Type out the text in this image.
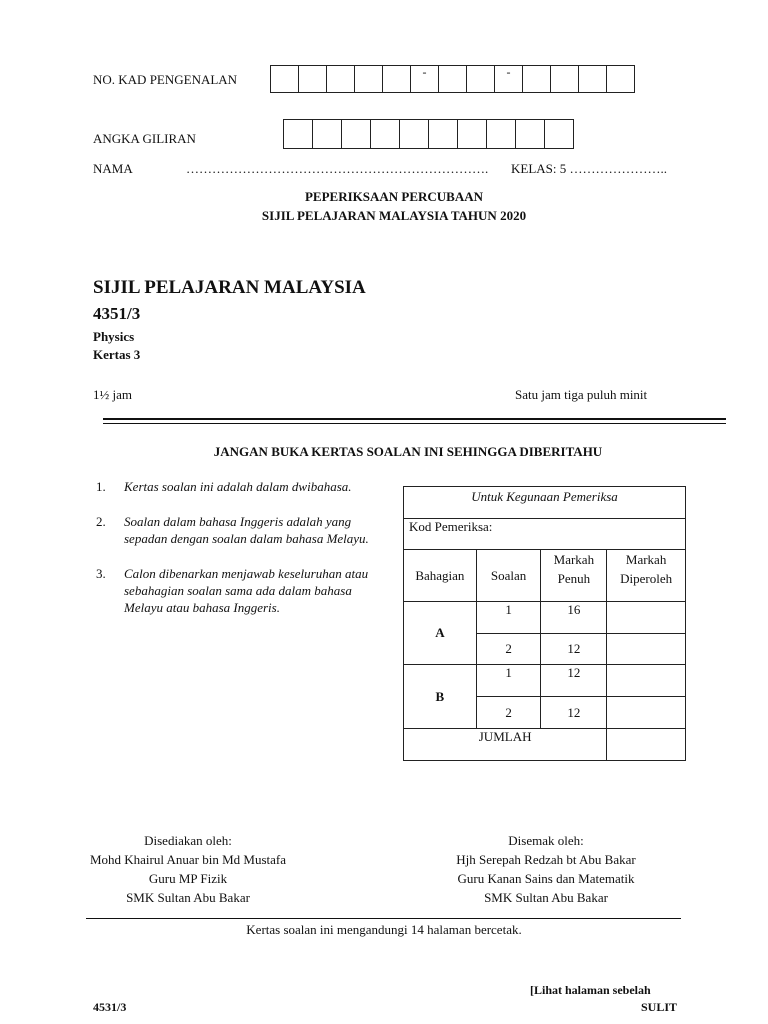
NO. KAD PENGENALAN	-	-
ANGKA GILIRAN
NAMA	……………………………………………………………. KELAS: 5 …………………..
PEPERIKSAAN PERCUBAAN
SIJIL PELAJARAN MALAYSIA TAHUN 2020
SIJIL PELAJARAN MALAYSIA
4351/3
Physics
Kertas 3
1½ jam	Satu jam tiga puluh minit
JANGAN BUKA KERTAS SOALAN INI SEHINGGA DIBERITAHU
1.	Kertas soalan ini adalah dalam dwibahasa.
2.	Soalan dalam bahasa Inggeris adalah yang sepadan dengan soalan dalam bahasa Melayu.
3.	Calon dibenarkan menjawab keseluruhan atau sebahagian soalan sama ada dalam bahasa Melayu atau bahasa Inggeris.
Untuk Kegunaan Pemeriksa			
Kod Pemeriksa:			
Bahagian	Soalan	Markah Penuh	Markah Diperoleh
A	1	16	
	2	12	
B	1	12	
	2	12	
JUMLAH			
Disediakan oleh:
Mohd Khairul Anuar bin Md Mustafa
Guru MP Fizik
SMK Sultan Abu Bakar
Disemak oleh:
Hjh Serepah Redzah bt Abu Bakar
Guru Kanan Sains dan Matematik
SMK Sultan Abu Bakar
Kertas soalan ini mengandungi 14 halaman bercetak.
[Lihat halaman sebelah
4531/3	SULIT
